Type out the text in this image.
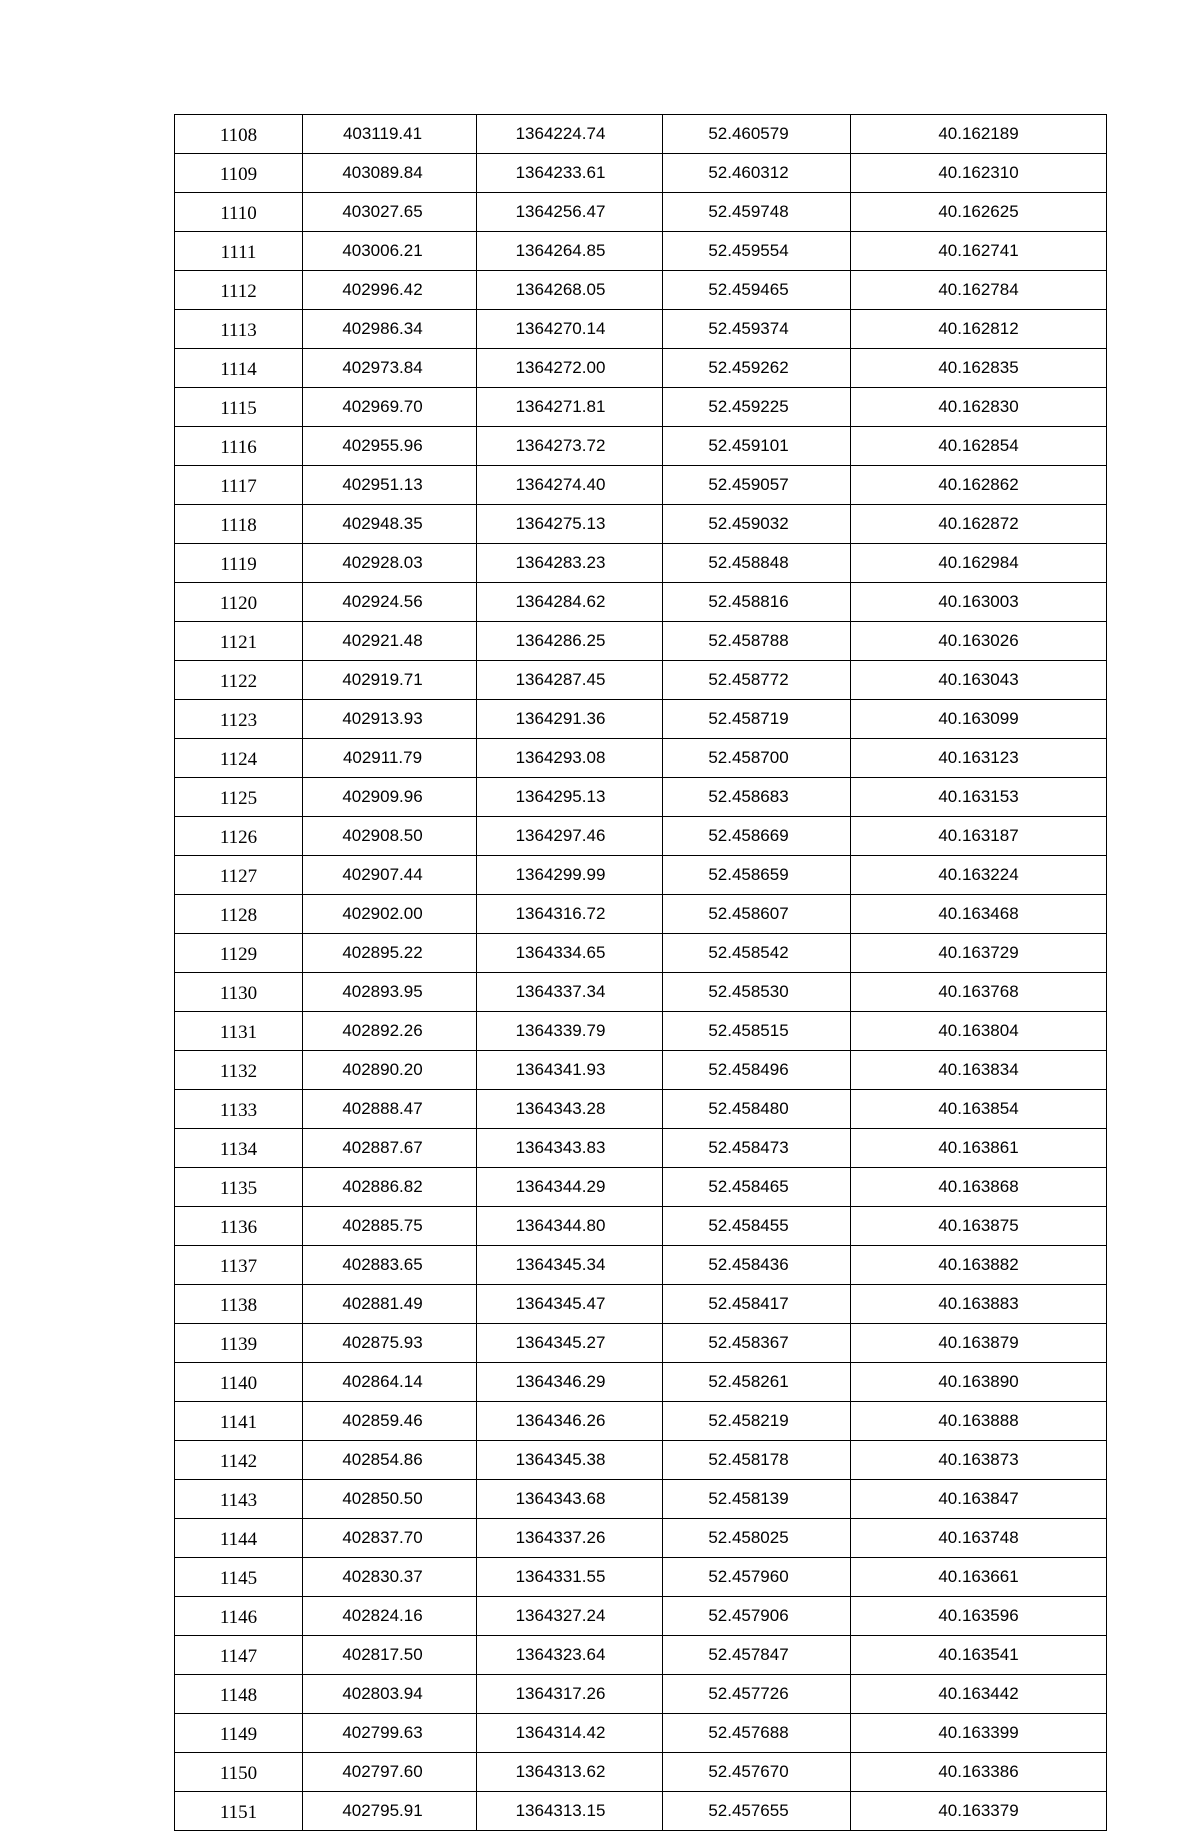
1108	403119.41	1364224.74	52.460579	40.162189
1109	403089.84	1364233.61	52.460312	40.162310
1110	403027.65	1364256.47	52.459748	40.162625
1111	403006.21	1364264.85	52.459554	40.162741
1112	402996.42	1364268.05	52.459465	40.162784
1113	402986.34	1364270.14	52.459374	40.162812
1114	402973.84	1364272.00	52.459262	40.162835
1115	402969.70	1364271.81	52.459225	40.162830
1116	402955.96	1364273.72	52.459101	40.162854
1117	402951.13	1364274.40	52.459057	40.162862
1118	402948.35	1364275.13	52.459032	40.162872
1119	402928.03	1364283.23	52.458848	40.162984
1120	402924.56	1364284.62	52.458816	40.163003
1121	402921.48	1364286.25	52.458788	40.163026
1122	402919.71	1364287.45	52.458772	40.163043
1123	402913.93	1364291.36	52.458719	40.163099
1124	402911.79	1364293.08	52.458700	40.163123
1125	402909.96	1364295.13	52.458683	40.163153
1126	402908.50	1364297.46	52.458669	40.163187
1127	402907.44	1364299.99	52.458659	40.163224
1128	402902.00	1364316.72	52.458607	40.163468
1129	402895.22	1364334.65	52.458542	40.163729
1130	402893.95	1364337.34	52.458530	40.163768
1131	402892.26	1364339.79	52.458515	40.163804
1132	402890.20	1364341.93	52.458496	40.163834
1133	402888.47	1364343.28	52.458480	40.163854
1134	402887.67	1364343.83	52.458473	40.163861
1135	402886.82	1364344.29	52.458465	40.163868
1136	402885.75	1364344.80	52.458455	40.163875
1137	402883.65	1364345.34	52.458436	40.163882
1138	402881.49	1364345.47	52.458417	40.163883
1139	402875.93	1364345.27	52.458367	40.163879
1140	402864.14	1364346.29	52.458261	40.163890
1141	402859.46	1364346.26	52.458219	40.163888
1142	402854.86	1364345.38	52.458178	40.163873
1143	402850.50	1364343.68	52.458139	40.163847
1144	402837.70	1364337.26	52.458025	40.163748
1145	402830.37	1364331.55	52.457960	40.163661
1146	402824.16	1364327.24	52.457906	40.163596
1147	402817.50	1364323.64	52.457847	40.163541
1148	402803.94	1364317.26	52.457726	40.163442
1149	402799.63	1364314.42	52.457688	40.163399
1150	402797.60	1364313.62	52.457670	40.163386
1151	402795.91	1364313.15	52.457655	40.163379
